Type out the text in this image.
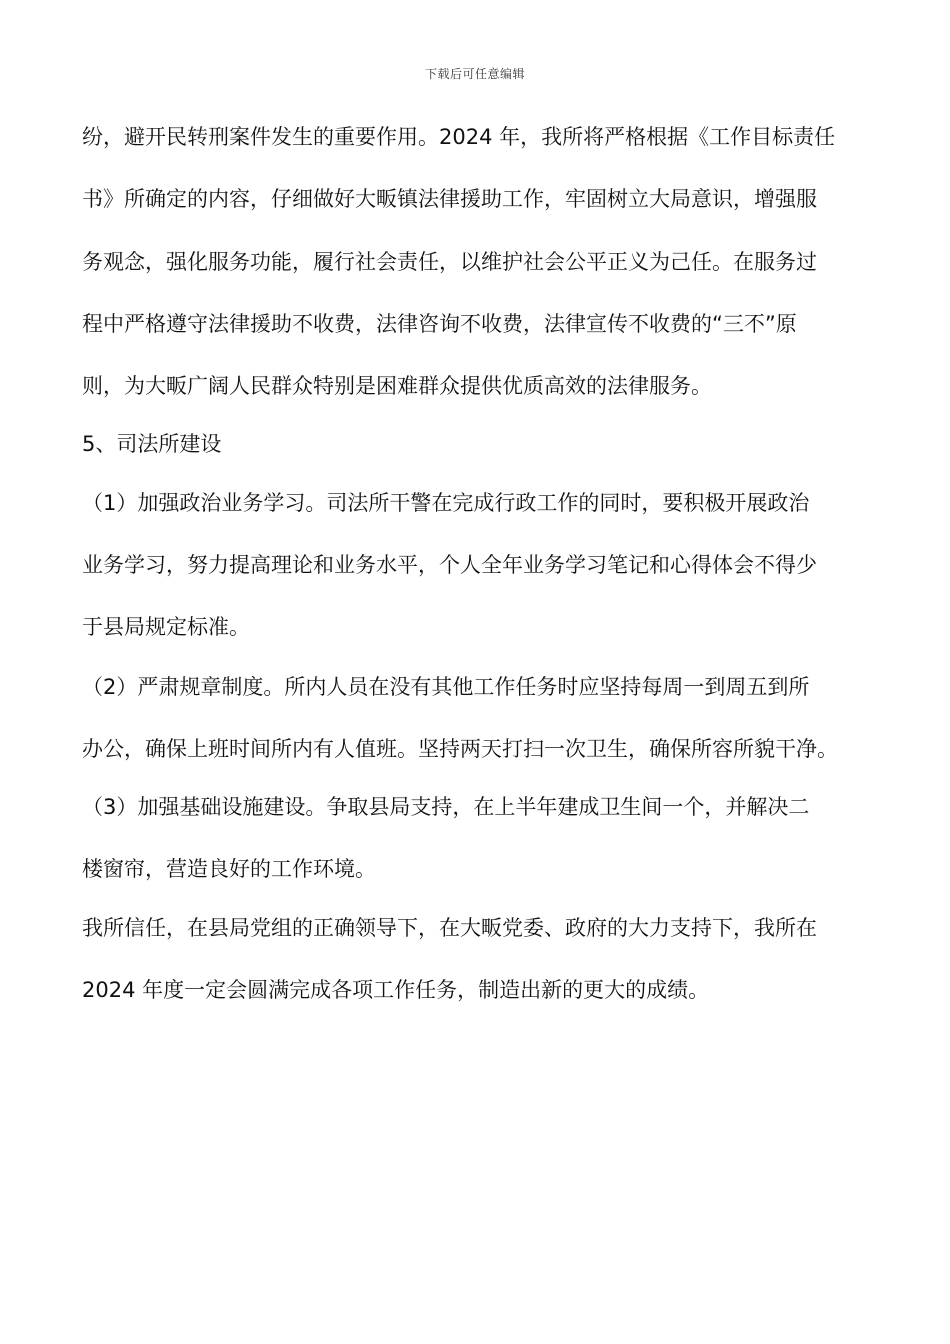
下载后可任意编辑
纷，避开民转刑案件发生的重要作用。2024 年，我所将严格根据《工作目标责任
书》所确定的内容，仔细做好大畈镇法律援助工作，牢固树立大局意识，增强服
务观念，强化服务功能，履行社会责任，以维护社会公平正义为己任。在服务过
程中严格遵守法律援助不收费，法律咨询不收费，法律宣传不收费的“三不”原
则，为大畈广阔人民群众特别是困难群众提供优质高效的法律服务。
5、司法所建设
（1）加强政治业务学习。司法所干警在完成行政工作的同时，要积极开展政治
业务学习，努力提高理论和业务水平，个人全年业务学习笔记和心得体会不得少
于县局规定标准。
（2）严肃规章制度。所内人员在没有其他工作任务时应坚持每周一到周五到所
办公，确保上班时间所内有人值班。坚持两天打扫一次卫生，确保所容所貌干净。
（3）加强基础设施建设。争取县局支持，在上半年建成卫生间一个，并解决二
楼窗帘，营造良好的工作环境。
我所信任，在县局党组的正确领导下，在大畈党委、政府的大力支持下，我所在
2024 年度一定会圆满完成各项工作任务，制造出新的更大的成绩。
